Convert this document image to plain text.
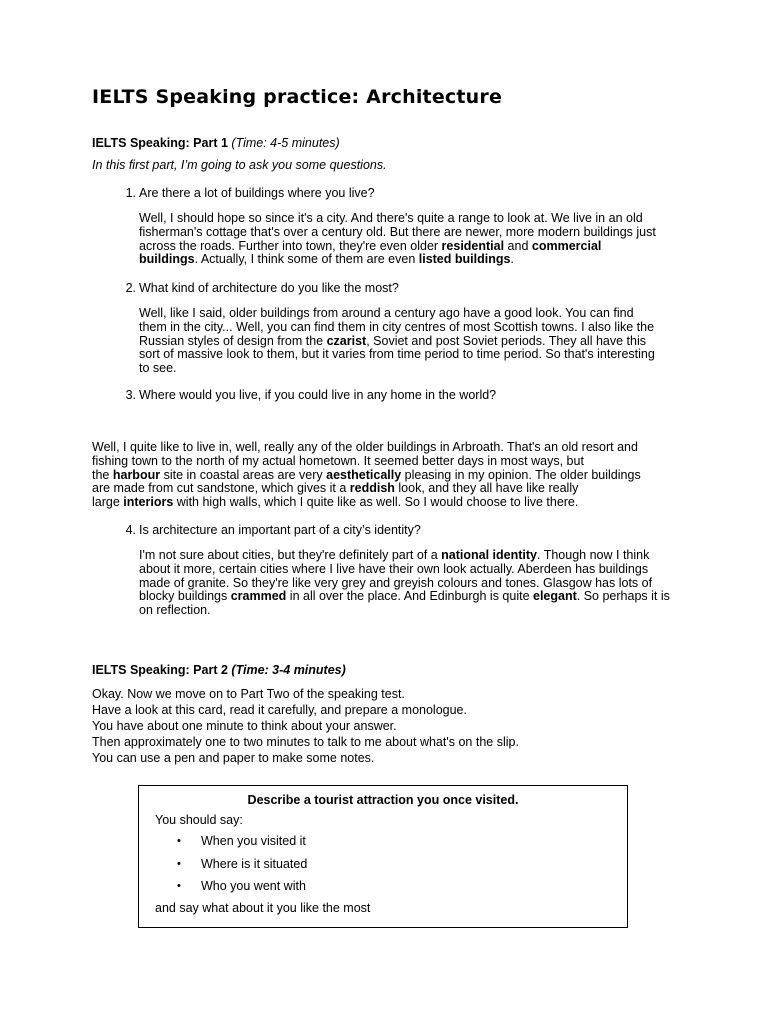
IELTS Speaking practice: Architecture
IELTS Speaking: Part 1 (Time: 4-5 minutes)
In this first part, I’m going to ask you some questions.
1. Are there a lot of buildings where you live?
Well, I should hope so since it's a city. And there's quite a range to look at. We live in an old
fisherman's cottage that's over a century old. But there are newer, more modern buildings just
across the roads. Further into town, they're even older residential and commercial
buildings. Actually, I think some of them are even listed buildings.
2. What kind of architecture do you like the most?
Well, like I said, older buildings from around a century ago have a good look. You can find
them in the city... Well, you can find them in city centres of most Scottish towns. I also like the
Russian styles of design from the czarist, Soviet and post Soviet periods. They all have this
sort of massive look to them, but it varies from time period to time period. So that's interesting
to see.
3. Where would you live, if you could live in any home in the world?
Well, I quite like to live in, well, really any of the older buildings in Arbroath. That's an old resort and
fishing town to the north of my actual hometown. It seemed better days in most ways, but
the harbour site in coastal areas are very aesthetically pleasing in my opinion. The older buildings
are made from cut sandstone, which gives it a reddish look, and they all have like really
large interiors with high walls, which I quite like as well. So I would choose to live there.
4. Is architecture an important part of a city’s identity?
I'm not sure about cities, but they're definitely part of a national identity. Though now I think
about it more, certain cities where I live have their own look actually. Aberdeen has buildings
made of granite. So they're like very grey and greyish colours and tones. Glasgow has lots of
blocky buildings crammed in all over the place. And Edinburgh is quite elegant. So perhaps it is
on reflection.
IELTS Speaking: Part 2 (Time: 3-4 minutes)
Okay. Now we move on to Part Two of the speaking test.
Have a look at this card, read it carefully, and prepare a monologue.
You have about one minute to think about your answer.
Then approximately one to two minutes to talk to me about what's on the slip.
You can use a pen and paper to make some notes.
Describe a tourist attraction you once visited.
You should say:
• When you visited it
• Where is it situated
• Who you went with
and say what about it you like the most
